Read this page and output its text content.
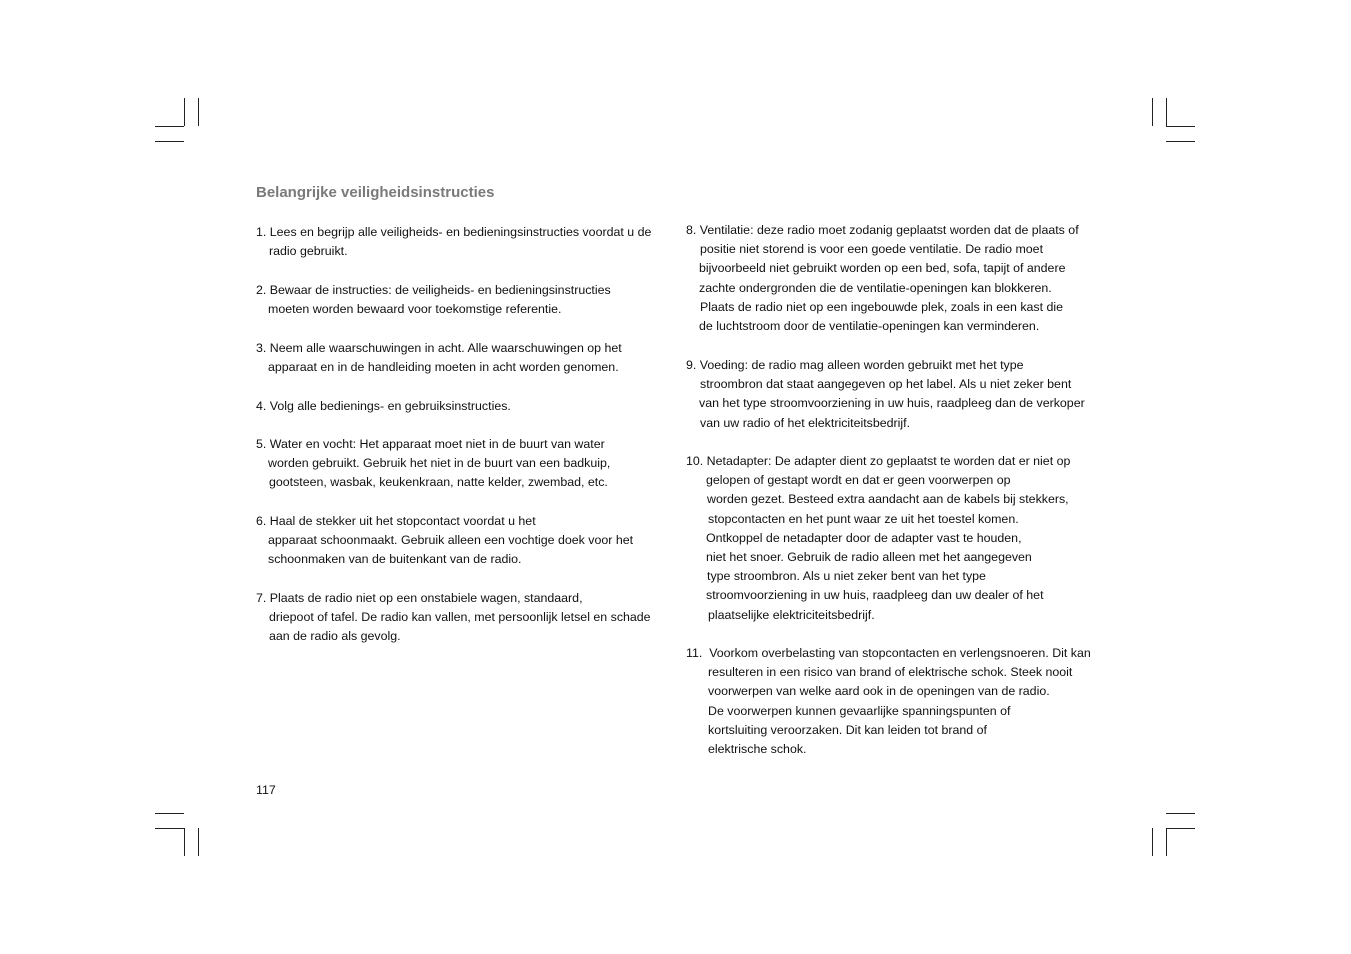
Belangrijke veiligheidsinstructies
1. Lees en begrijp alle veiligheids- en bedieningsinstructies voordat u de
radio gebruikt.
2. Bewaar de instructies: de veiligheids- en bedieningsinstructies
moeten worden bewaard voor toekomstige referentie.
3. Neem alle waarschuwingen in acht. Alle waarschuwingen op het
apparaat en in de handleiding moeten in acht worden genomen.
4. Volg alle bedienings- en gebruiksinstructies.
5. Water en vocht: Het apparaat moet niet in de buurt van water
worden gebruikt. Gebruik het niet in de buurt van een badkuip,
gootsteen, wasbak, keukenkraan, natte kelder, zwembad, etc.
6. Haal de stekker uit het stopcontact voordat u het
apparaat schoonmaakt. Gebruik alleen een vochtige doek voor het
schoonmaken van de buitenkant van de radio.
7. Plaats de radio niet op een onstabiele wagen, standaard,
driepoot of tafel. De radio kan vallen, met persoonlijk letsel en schade
aan de radio als gevolg.
8. Ventilatie: deze radio moet zodanig geplaatst worden dat de plaats of
positie niet storend is voor een goede ventilatie. De radio moet
bijvoorbeeld niet gebruikt worden op een bed, sofa, tapijt of andere
zachte ondergronden die de ventilatie-openingen kan blokkeren.
Plaats de radio niet op een ingebouwde plek, zoals in een kast die
de luchtstroom door de ventilatie-openingen kan verminderen.
9. Voeding: de radio mag alleen worden gebruikt met het type
stroombron dat staat aangegeven op het label. Als u niet zeker bent
van het type stroomvoorziening in uw huis, raadpleeg dan de verkoper
van uw radio of het elektriciteitsbedrijf.
10. Netadapter: De adapter dient zo geplaatst te worden dat er niet op
gelopen of gestapt wordt en dat er geen voorwerpen op
worden gezet. Besteed extra aandacht aan de kabels bij stekkers,
stopcontacten en het punt waar ze uit het toestel komen.
Ontkoppel de netadapter door de adapter vast te houden,
niet het snoer. Gebruik de radio alleen met het aangegeven
type stroombron. Als u niet zeker bent van het type
stroomvoorziening in uw huis, raadpleeg dan uw dealer of het
plaatselijke elektriciteitsbedrijf.
11.  Voorkom overbelasting van stopcontacten en verlengsnoeren. Dit kan
resulteren in een risico van brand of elektrische schok. Steek nooit
voorwerpen van welke aard ook in de openingen van de radio.
De voorwerpen kunnen gevaarlijke spanningspunten of
kortsluiting veroorzaken. Dit kan leiden tot brand of
elektrische schok.
117
